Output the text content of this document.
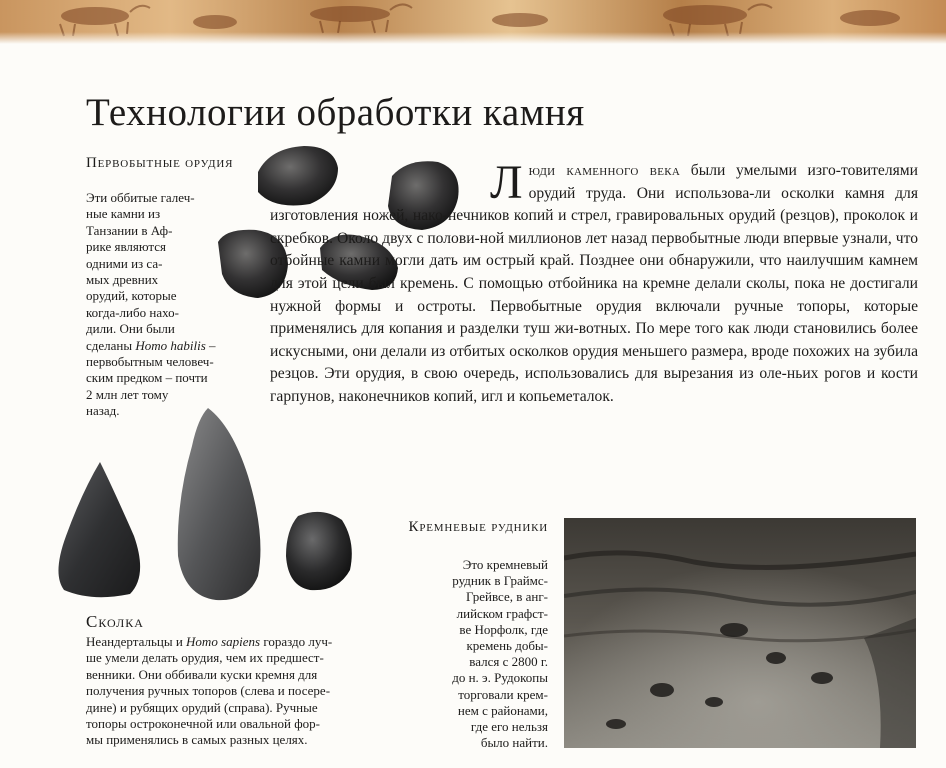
Технологии обработки камня
Первобытные орудия

Эти оббитые галеч-
ные камни из
Танзании в Аф-
рике являются
одними из са-
мых древних
орудий, которые
когда-либо нахо-
дили. Они были
сделаны Homo habilis –
первобытным человеч-
ским предком – почти
2 млн лет тому
назад.

Люди каменного века были умелыми изго-товителями орудий труда. Они использова-ли осколки камня для изготовления ножей, нако-нечников копий и стрел, гравировальных орудий (резцов), проколок и скребков. Около двух с полови-ной миллионов лет назад первобытные люди впервые узнали, что отбойные камни могли дать им острый край. Позднее они обнаружили, что наилучшим камнем для этой цели был кремень. С помощью отбойника на кремне делали сколы, пока не достигали нужной формы и остроты. Первобытные орудия включали ручные топоры, которые применялись для копания и разделки туш жи-вотных. По мере того как люди становились более искусными, они делали из отбитых осколков орудия меньшего размера, вроде похожих на зубила резцов. Эти орудия, в свою очередь, использовались для вырезания из оле-ньих рогов и кости гарпунов, наконечников копий, игл и копьеметалок.

Сколка

Неандертальцы и Homo sapiens гораздо луч-
ше умели делать орудия, чем их предшест-
венники. Они оббивали куски кремня для
получения ручных топоров (слева и посере-
дине) и рубящих орудий (справа). Ручные
топоры остроконечной или овальной фор-
мы применялись в самых разных целях.

Кремневые рудники

Это кремневый
рудник в Граймс-
Грейвсе, в анг-
лийском графст-
ве Норфолк, где
кремень добы-
вался с 2800 г.
до н. э. Рудокопы
торговали крем-
нем с районами,
где его нельзя
было найти.
